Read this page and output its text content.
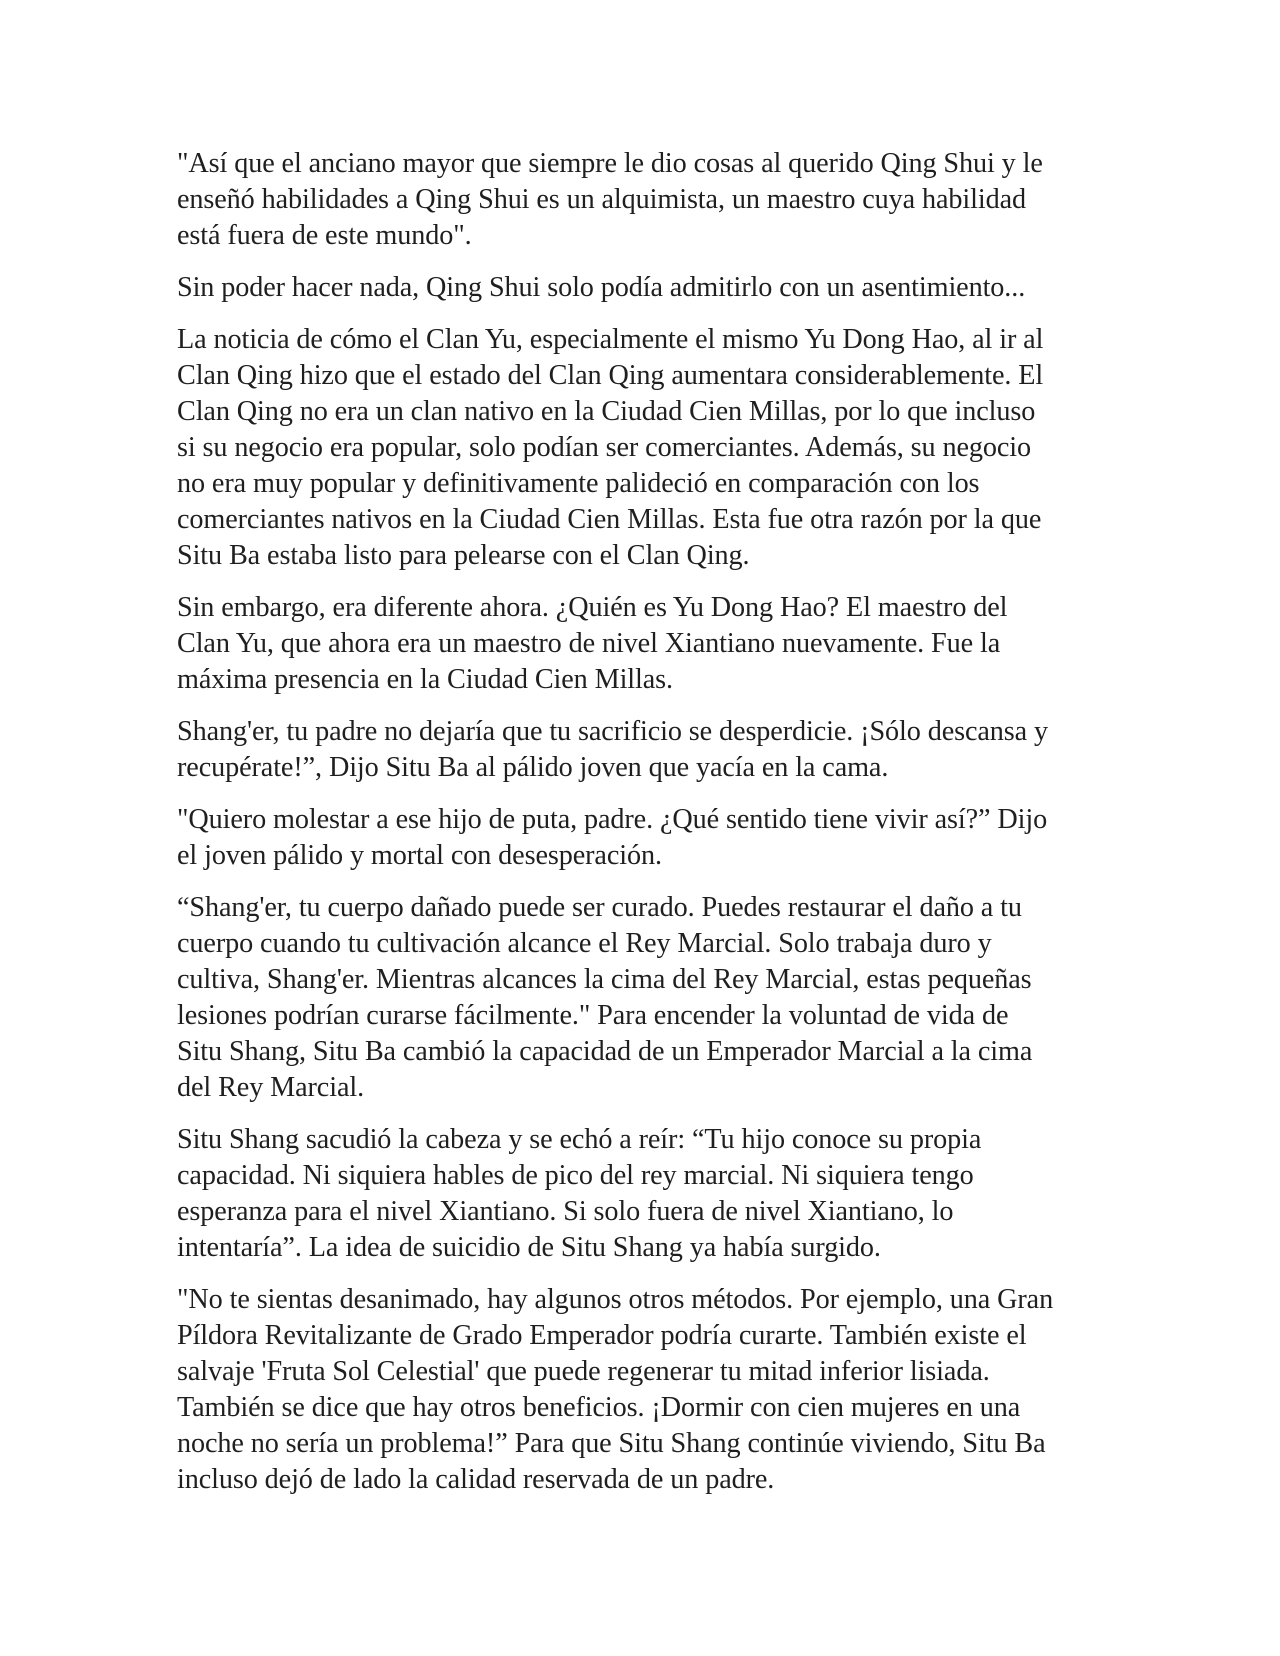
"Así que el anciano mayor que siempre le dio cosas al querido Qing Shui y le
enseñó habilidades a Qing Shui es un alquimista, un maestro cuya habilidad
está fuera de este mundo".

Sin poder hacer nada, Qing Shui solo podía admitirlo con un asentimiento...

La noticia de cómo el Clan Yu, especialmente el mismo Yu Dong Hao, al ir al
Clan Qing hizo que el estado del Clan Qing aumentara considerablemente. El
Clan Qing no era un clan nativo en la Ciudad Cien Millas, por lo que incluso
si su negocio era popular, solo podían ser comerciantes. Además, su negocio
no era muy popular y definitivamente palideció en comparación con los
comerciantes nativos en la Ciudad Cien Millas. Esta fue otra razón por la que
Situ Ba estaba listo para pelearse con el Clan Qing.

Sin embargo, era diferente ahora. ¿Quién es Yu Dong Hao? El maestro del
Clan Yu, que ahora era un maestro de nivel Xiantiano nuevamente. Fue la
máxima presencia en la Ciudad Cien Millas.

Shang'er, tu padre no dejaría que tu sacrificio se desperdicie. ¡Sólo descansa y
recupérate!”, Dijo Situ Ba al pálido joven que yacía en la cama.

"Quiero molestar a ese hijo de puta, padre. ¿Qué sentido tiene vivir así?” Dijo
el joven pálido y mortal con desesperación.

“Shang'er, tu cuerpo dañado puede ser curado. Puedes restaurar el daño a tu
cuerpo cuando tu cultivación alcance el Rey Marcial. Solo trabaja duro y
cultiva, Shang'er. Mientras alcances la cima del Rey Marcial, estas pequeñas
lesiones podrían curarse fácilmente." Para encender la voluntad de vida de
Situ Shang, Situ Ba cambió la capacidad de un Emperador Marcial a la cima
del Rey Marcial.

Situ Shang sacudió la cabeza y se echó a reír: “Tu hijo conoce su propia
capacidad. Ni siquiera hables de pico del rey marcial. Ni siquiera tengo
esperanza para el nivel Xiantiano. Si solo fuera de nivel Xiantiano, lo
intentaría”. La idea de suicidio de Situ Shang ya había surgido.

"No te sientas desanimado, hay algunos otros métodos. Por ejemplo, una Gran
Píldora Revitalizante de Grado Emperador podría curarte. También existe el
salvaje 'Fruta Sol Celestial' que puede regenerar tu mitad inferior lisiada.
También se dice que hay otros beneficios. ¡Dormir con cien mujeres en una
noche no sería un problema!” Para que Situ Shang continúe viviendo, Situ Ba
incluso dejó de lado la calidad reservada de un padre.
